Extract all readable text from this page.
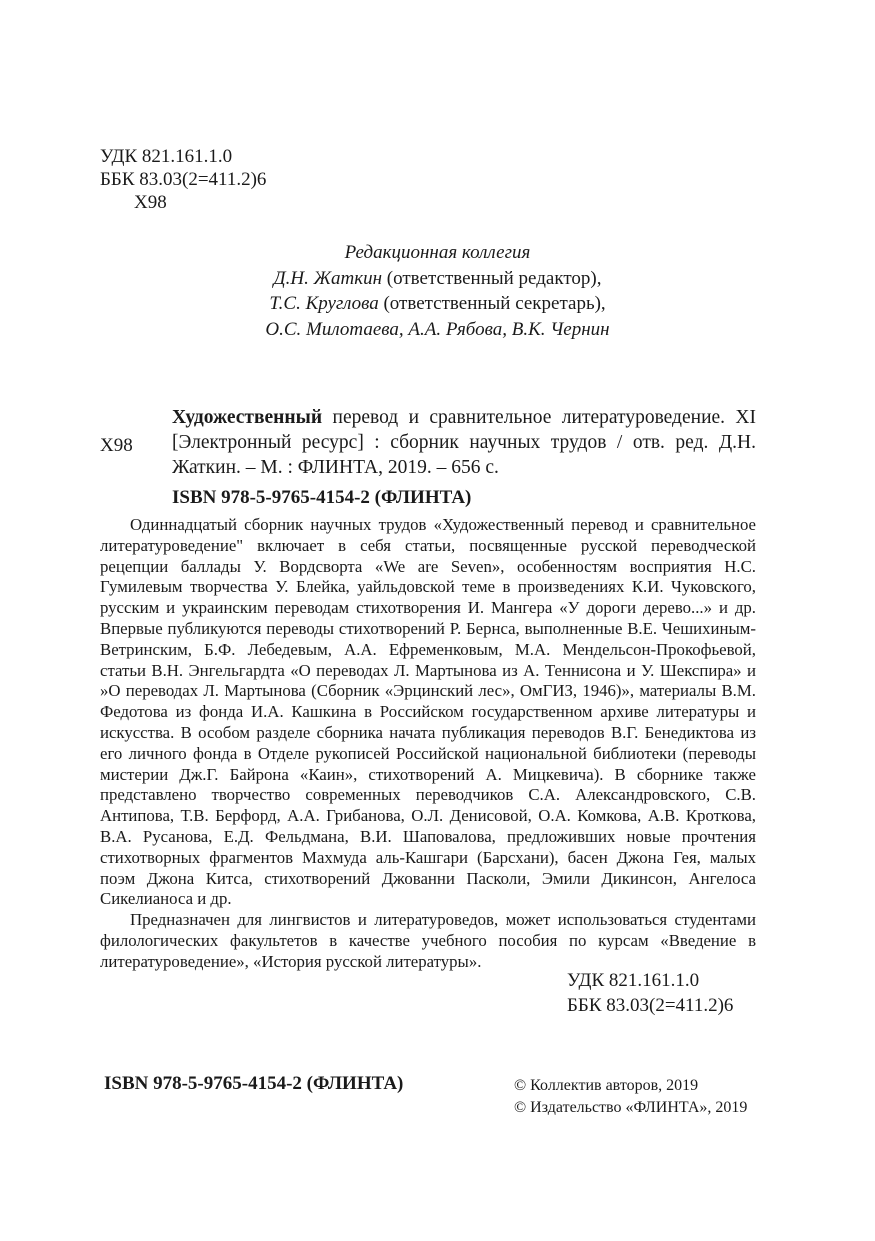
УДК 821.161.1.0
ББК 83.03(2=411.2)6
Х98
Редакционная коллегия
Д.Н. Жаткин (ответственный редактор),
Т.С. Круглова (ответственный секретарь),
О.С. Милотаева, А.А. Рябова, В.К. Чернин
Х98
Художественный перевод и сравнительное литературоведение. XI [Электронный ресурс] : сборник научных трудов / отв. ред. Д.Н. Жаткин. – М. : ФЛИНТА, 2019. – 656 с.
ISBN 978-5-9765-4154-2 (ФЛИНТА)

Одиннадцатый сборник научных трудов «Художественный перевод и сравнительное литературоведение" включает в себя статьи, посвященные русской переводческой рецепции баллады У. Вордсворта «We are Seven», особенностям восприятия Н.С. Гумилевым творчества У. Блейка, уайльдовской теме в произведениях К.И. Чуковского, русским и украинским переводам стихотворения И. Мангера «У дороги дерево...» и др. Впервые публикуются переводы стихотворений Р. Бернса, выполненные В.Е. Чешихиным-Ветринским, Б.Ф. Лебедевым, А.А. Ефременковым, М.А. Мендельсон-Прокофьевой, статьи В.Н. Энгельгардта «О переводах Л. Мартынова из А. Теннисона и У. Шекспира» и »О переводах Л. Мартынова (Сборник «Эрцинский лес», ОмГИЗ, 1946)», материалы В.М. Федотова из фонда И.А. Кашкина в Российском государственном архиве литературы и искусства. В особом разделе сборника начата публикация переводов В.Г. Бенедиктова из его личного фонда в Отделе рукописей Российской национальной библиотеки (переводы мистерии Дж.Г. Байрона «Каин», стихотворений А. Мицкевича). В сборнике также представлено творчество современных переводчиков С.А. Александровского, С.В. Антипова, Т.В. Берфорд, А.А. Грибанова, О.Л. Денисовой, О.А. Комкова, А.В. Кроткова, В.А. Русанова, Е.Д. Фельдмана, В.И. Шаповалова, предложивших новые прочтения стихотворных фрагментов Махмуда аль-Кашгари (Барсхани), басен Джона Гея, малых поэм Джона Китса, стихотворений Джованни Пасколи, Эмили Дикинсон, Ангелоса Сикелианоса и др.

Предназначен для лингвистов и литературоведов, может использоваться студентами филологических факультетов в качестве учебного пособия по курсам «Введение в литературоведение», «История русской литературы».

УДК 821.161.1.0
ББК 83.03(2=411.2)6
ISBN 978-5-9765-4154-2 (ФЛИНТА)	© Коллектив авторов, 2019
© Издательство «ФЛИНТА», 2019
